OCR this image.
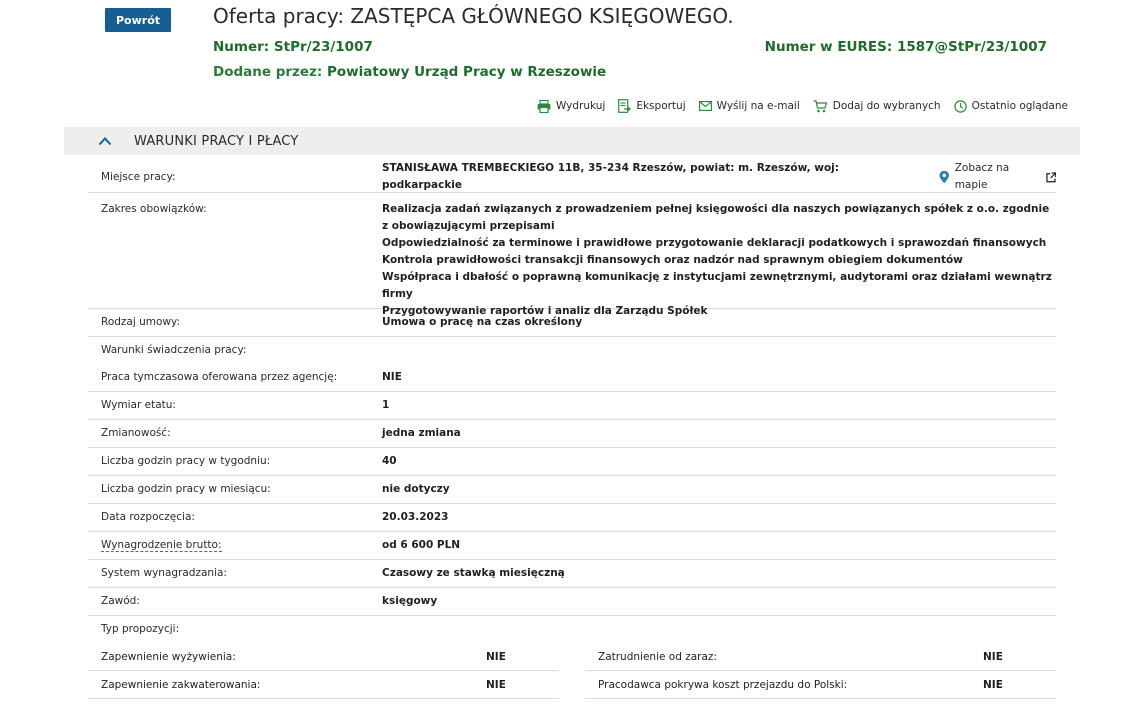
Powrót	Oferta pracy: ZASTĘPCA GŁÓWNEGO KSIĘGOWEGO.
Numer: StPr/23/1007	Numer w EURES: 1587@StPr/23/1007
Dodane przez: Powiatowy Urząd Pracy w Rzeszowie
Wydrukuj	Eksportuj	Wyślij na e-mail	Dodaj do wybranych	Ostatnio oglądane
WARUNKI PRACY I PŁACY
Miejsce pracy:
STANISŁAWA TREMBECKIEGO 11B, 35-234 Rzeszów, powiat: m. Rzeszów, woj: podkarpackie
Zobacz na mapie
Zakres obowiązków:	Realizacja zadań związanych z prowadzeniem pełnej księgowości dla naszych powiązanych spółek z o.o. zgodnie z obowiązującymi przepisami

Odpowiedzialność za terminowe i prawidłowe przygotowanie deklaracji podatkowych i sprawozdań finansowych

Kontrola prawidłowości transakcji finansowych oraz nadzór nad sprawnym obiegiem dokumentów

Współpraca i dbałość o poprawną komunikację z instytucjami zewnętrznymi, audytorami oraz działami wewnątrz firmy

Przygotowywanie raportów i analiz dla Zarządu Spółek

Rodzaj umowy:	Umowa o pracę na czas określony
Warunki świadczenia pracy:
Praca tymczasowa oferowana przez agencję:	NIE
Wymiar etatu:	1
Zmianowość:	jedna zmiana
Liczba godzin pracy w tygodniu:	40
Liczba godzin pracy w miesiącu:	nie dotyczy
Data rozpoczęcia:	20.03.2023
Wynagrodzenie brutto:	od 6 600 PLN
System wynagradzania:	Czasowy ze stawką miesięczną
Zawód:	księgowy
Typ propozycji:
Zapewnienie wyżywienia:	NIE	Zatrudnienie od zaraz:	NIE
Zapewnienie zakwaterowania:	NIE	Pracodawca pokrywa koszt przejazdu do Polski:	NIE
